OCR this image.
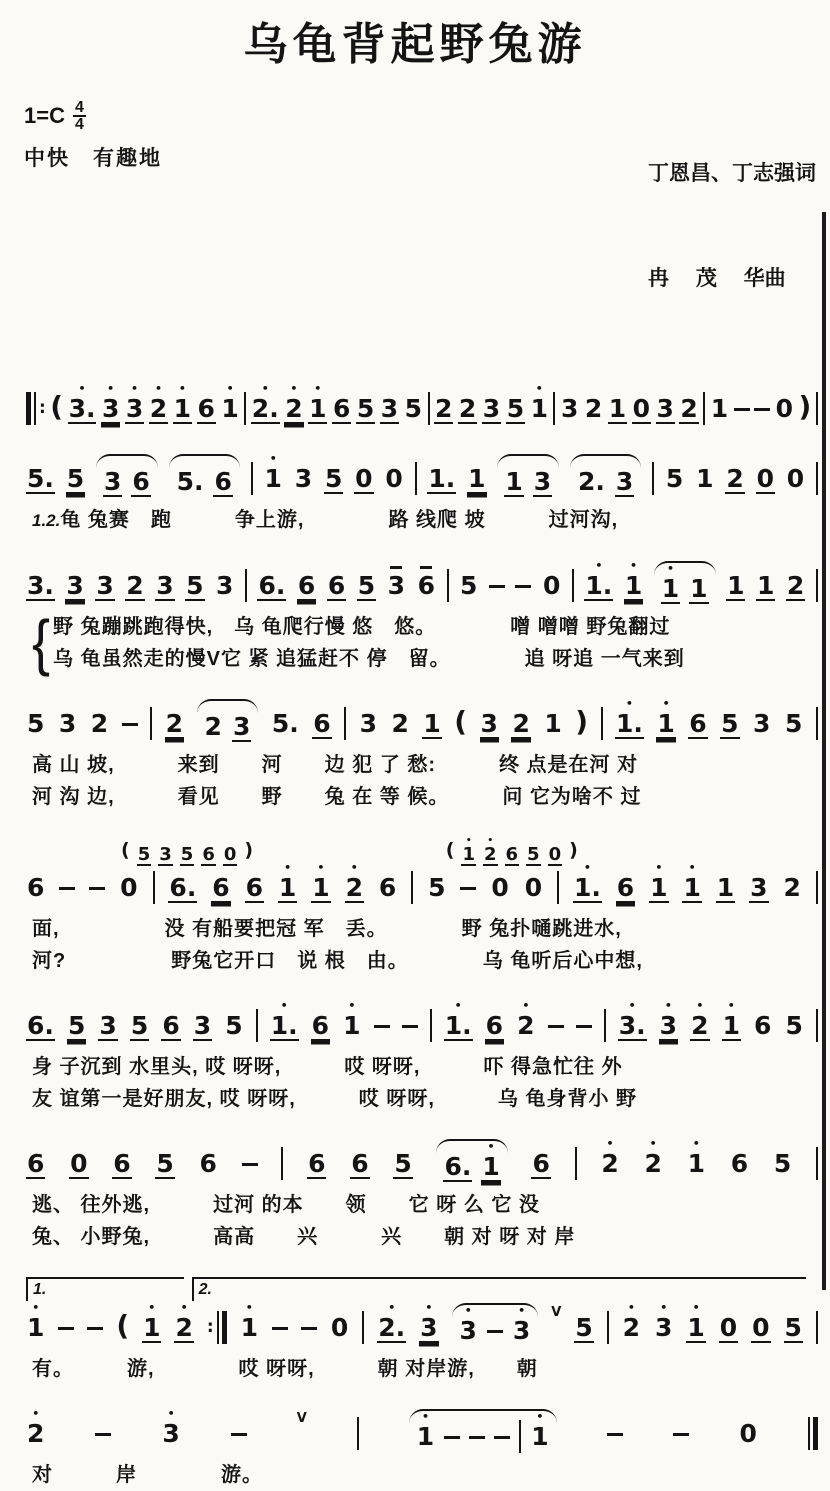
乌龟背起野兔游
$1=C \frac{4}{4}$
中快　有趣地

丁恩昌、丁志强词

冉　 茂 　华曲

: (
•
3.
•
3
•
3
•
2
•
1 6
•
1
•
2.
•
2
•
1 6 5 3 5 2 2 3 5
•
1 3 2 1 0 3 2 1 0 )
5. 5 3 6 5. 6
•
1 3 5 0 0 1. 1 1 3 2. 3 5 1 2 0 0
1.2.龟 兔赛　跑　　　争上游,　　　　路 线爬 坡　　　过河沟,
3. 3 3 2 3 5 3 6. 6 6 5 3 6 5	0
•
1.
•
1
•
1 1 1 1 2
{ 野 兔蹦跳跑得快,　乌 龟爬行慢 悠　悠。　　　　噌 噌噌 野兔翻过
乌 龟虽然走的慢V它 紧 追猛赶不 停　留。　　　　追 呀追 一气来到
5 3 2 2 2 3 5. 6 3 2 1 ( 3 2 1 )
•
1.
•
1 6 5 3 5
高 山 坡,　　　来到　　河　　边 犯 了 愁:　　　终 点是在河 对
河 沟 边,　　　看见　　野　　兔 在 等 候。　　　问 它为啥不 过
( 5 3 5 6 0 )	( •
1
•
2 6 5 0 )
6	0 6. 6 6
•
1
•
1
•
2 6 5 0 0
•
1. 6
•
1
•
1 1 3 2
面,　　　　　没 有船要把冠 军　丢。　　　　野 兔扑嗵跳进水,
河?　　　　　野兔它开口　说 根　由。　　　　乌 龟听后心中想,
6. 5 3 5 6 3 5
•
1. 6
•
1
•
1. 6
•
2
•
3.
•
3
•
2
•
1 6 5
身 子沉到 水里头, 哎 呀呀,　　　哎 呀呀,　　　吓 得急忙往 外
友 谊第一是好朋友, 哎 呀呀,　　　哎 呀呀,　　　乌 龟身背小 野
6 0 6 5 6	6 6 5 6.
•
1 6
•
2
•
2
•
1 6 5
逃、 往外逃,　　　过河 的本　　领　　它 呀 么 它 没
兔、 小野兔,　　　高高　　兴　　　兴　　朝 对 呀 对 岸
1.	2.
•
1	(
•
1
•
2 :
•
1	0
•
2.
•
3
•
3
•
3
V
5
•
2
•
3
•
1 0 0 5
有。　　　游,　　　　哎 呀呀,　　　朝 对岸游,　　朝
•
2
•
3
V	•
1
•
1	0
对　　　岸　　　　游。
